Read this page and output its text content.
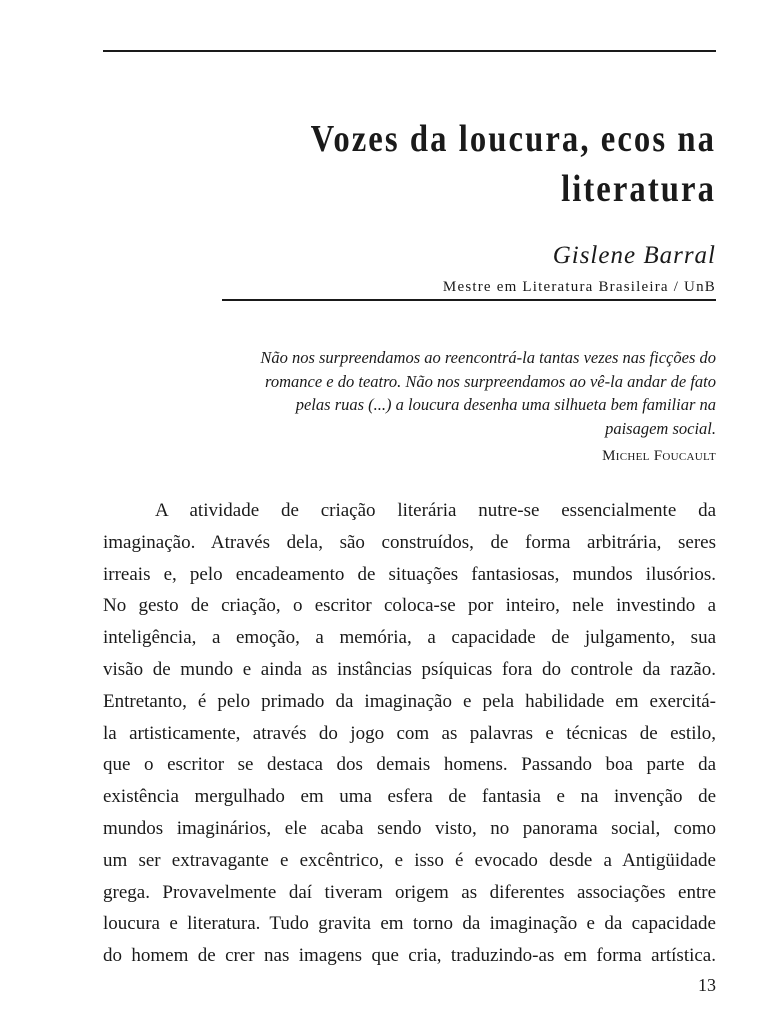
Vozes da loucura, ecos na
literatura
Gislene Barral
Mestre em Literatura Brasileira / UnB
Não nos surpreendamos ao reencontrá-la tantas vezes nas ficções do
romance e do teatro. Não nos surpreendamos ao vê-la andar de fato
pelas ruas (...) a loucura desenha uma silhueta bem familiar na
paisagem social.
Michel Foucault
A atividade de criação literária nutre-se essencialmente da
imaginação. Através dela, são construídos, de forma arbitrária, seres
irreais e, pelo encadeamento de situações fantasiosas, mundos ilusórios.
No gesto de criação, o escritor coloca-se por inteiro, nele investindo a
inteligência, a emoção, a memória, a capacidade de julgamento, sua
visão de mundo e ainda as instâncias psíquicas fora do controle da razão.
Entretanto, é pelo primado da imaginação e pela habilidade em exercitá-
la artisticamente, através do jogo com as palavras e técnicas de estilo,
que o escritor se destaca dos demais homens. Passando boa parte da
existência mergulhado em uma esfera de fantasia e na invenção de
mundos imaginários, ele acaba sendo visto, no panorama social, como
um ser extravagante e excêntrico, e isso é evocado desde a Antigüidade
grega. Provavelmente daí tiveram origem as diferentes associações entre
loucura e literatura. Tudo gravita em torno da imaginação e da capacidade
do homem de crer nas imagens que cria, traduzindo-as em forma artística.
13
